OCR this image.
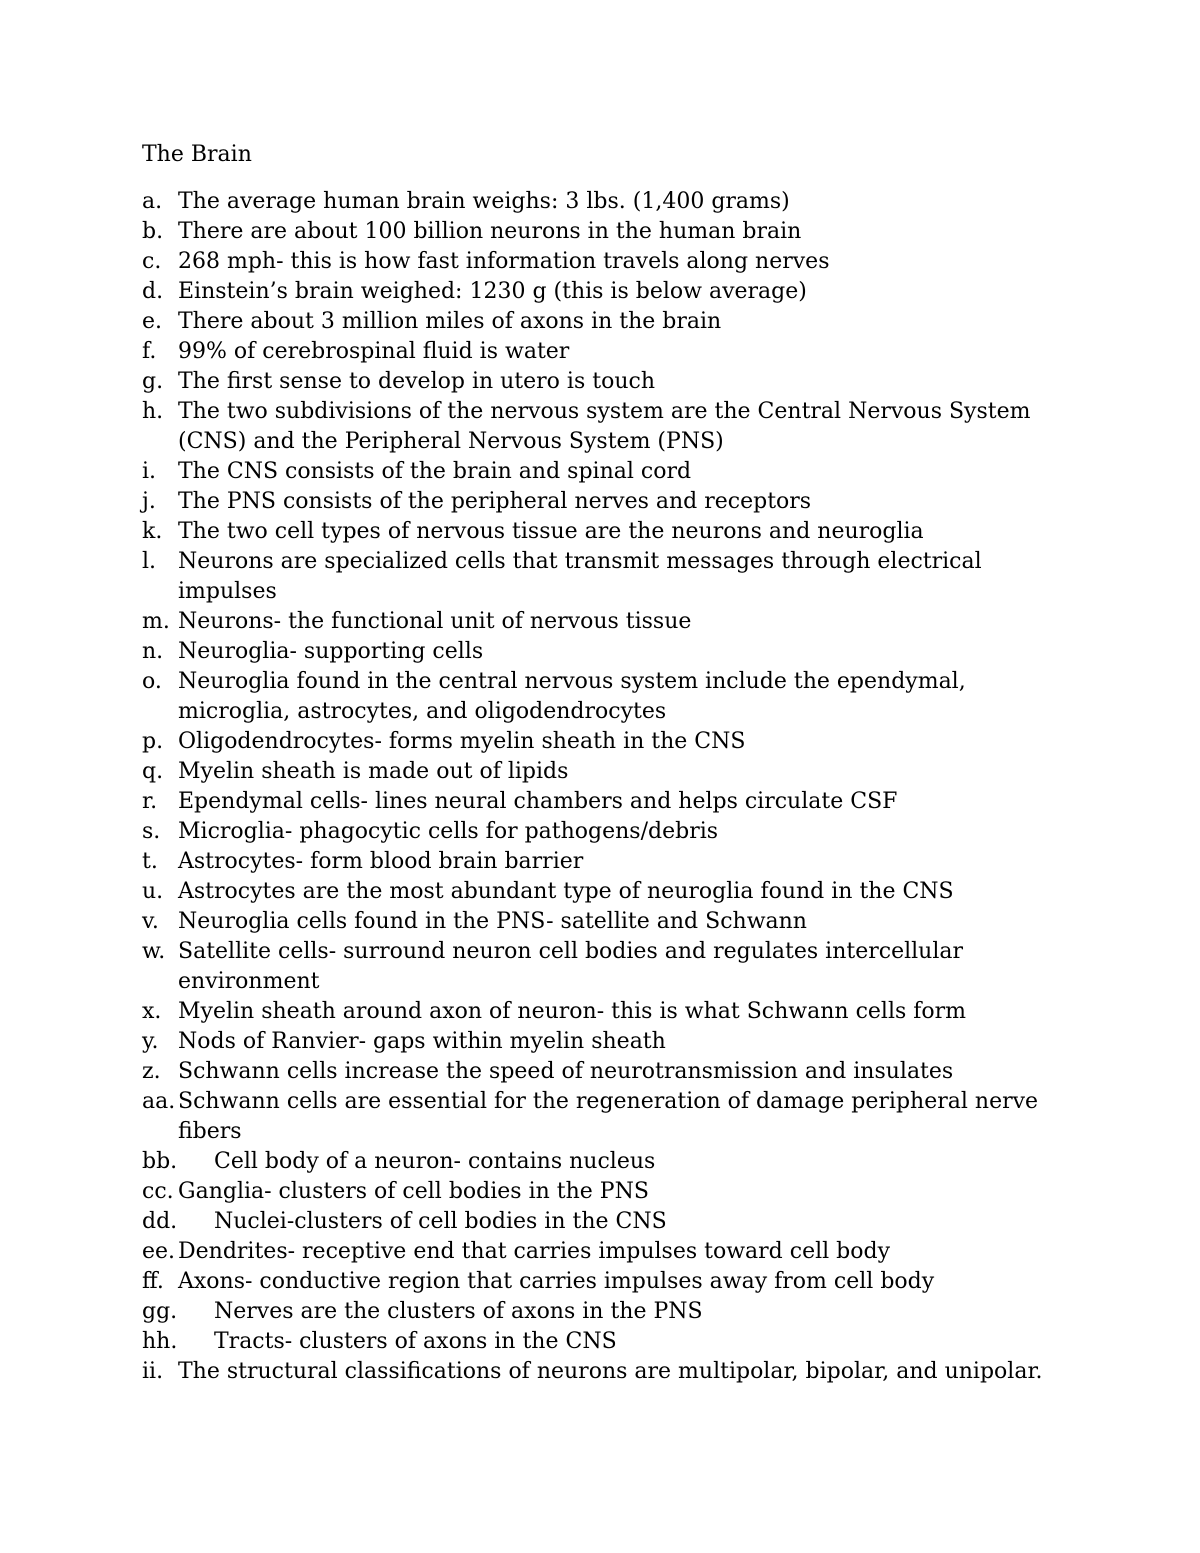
The Brain
a. The average human brain weighs: 3 lbs. (1,400 grams)
b. There are about 100 billion neurons in the human brain
c. 268 mph- this is how fast information travels along nerves
d. Einstein’s brain weighed: 1230 g (this is below average)
e. There about 3 million miles of axons in the brain
f. 99% of cerebrospinal fluid is water
g. The first sense to develop in utero is touch
h. The two subdivisions of the nervous system are the Central Nervous System (CNS) and the Peripheral Nervous System (PNS)
i. The CNS consists of the brain and spinal cord
j.	The PNS consists of the peripheral nerves and receptors
k. The two cell types of nervous tissue are the neurons and neuroglia
l. Neurons are specialized cells that transmit messages through electrical impulses
m. Neurons- the functional unit of nervous tissue
n. Neuroglia- supporting cells
o. Neuroglia found in the central nervous system include the ependymal, microglia, astrocytes, and oligodendrocytes
p. Oligodendrocytes- forms myelin sheath in the CNS
q. Myelin sheath is made out of lipids
r. Ependymal cells- lines neural chambers and helps circulate CSF
s. Microglia- phagocytic cells for pathogens/debris
t. Astrocytes- form blood brain barrier
u. Astrocytes are the most abundant type of neuroglia found in the CNS
v. Neuroglia cells found in the PNS- satellite and Schwann
w. Satellite cells- surround neuron cell bodies and regulates intercellular environment
x. Myelin sheath around axon of neuron- this is what Schwann cells form
y. Nods of Ranvier- gaps within myelin sheath
z. Schwann cells increase the speed of neurotransmission and insulates
aa. Schwann cells are essential for the regeneration of damage peripheral nerve fibers
bb.	Cell body of a neuron- contains nucleus
cc. Ganglia- clusters of cell bodies in the PNS
dd.	Nuclei-clusters of cell bodies in the CNS
ee. Dendrites- receptive end that carries impulses toward cell body
ff. Axons- conductive region that carries impulses away from cell body
gg.	Nerves are the clusters of axons in the PNS
hh.	Tracts- clusters of axons in the CNS
ii. The structural classifications of neurons are multipolar, bipolar, and unipolar.
